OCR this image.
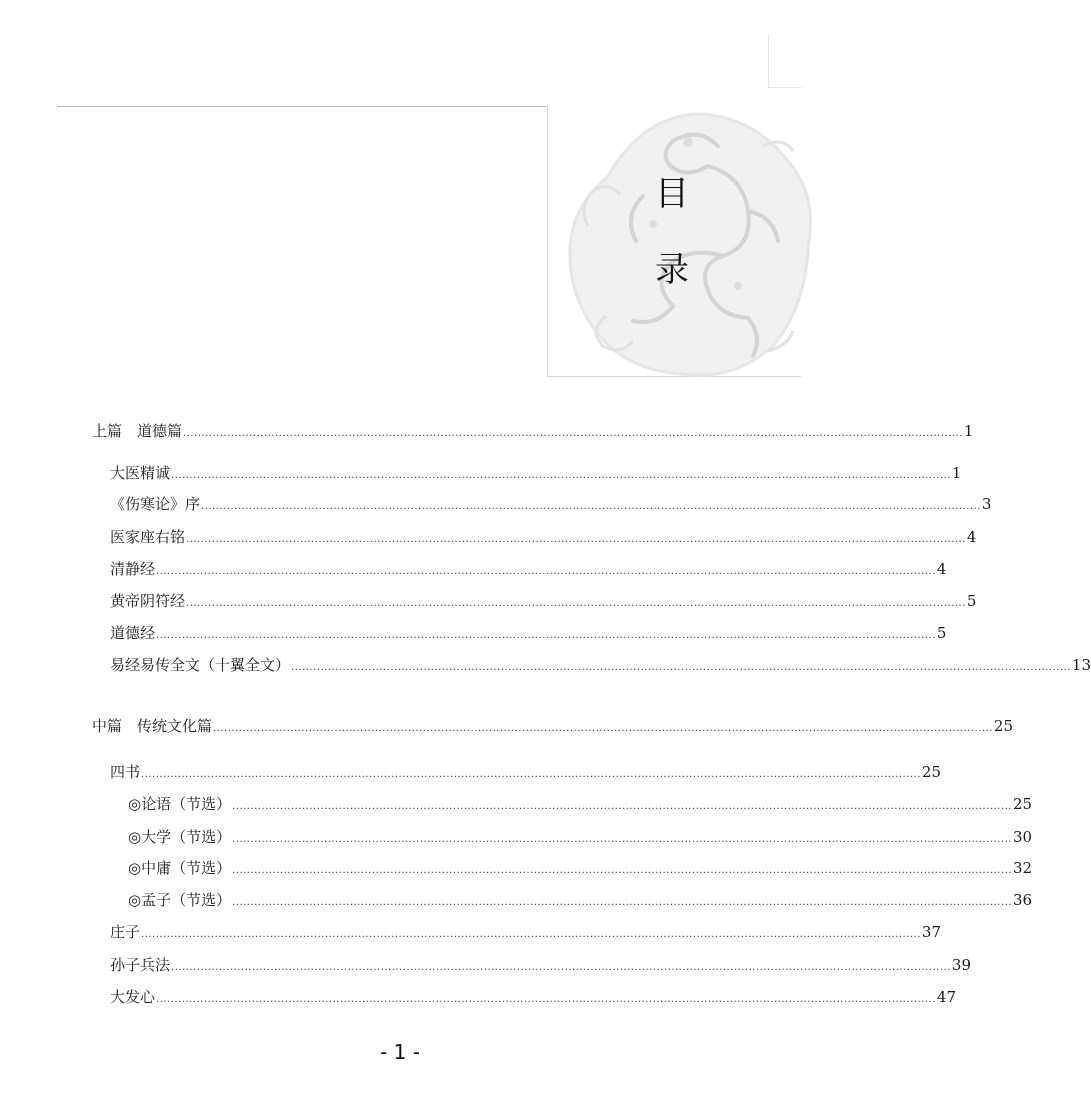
目
录
上篇　道德篇 .................................................................................................................................................................................................................... 1
大医精诚 .................................................................................................................................................................................................................... 1
《伤寒论》序 .................................................................................................................................................................................................................... 3
医家座右铭 .................................................................................................................................................................................................................... 4
清静经 .................................................................................................................................................................................................................... 4
黄帝阴符经 .................................................................................................................................................................................................................... 5
道德经 .................................................................................................................................................................................................................... 5
易经易传全文（十翼全文） .................................................................................................................................................................................................................... 13
中篇　传统文化篇 .................................................................................................................................................................................................................... 25
四书 .................................................................................................................................................................................................................... 25
◎论语（节选） .................................................................................................................................................................................................................... 25
◎大学（节选） .................................................................................................................................................................................................................... 30
◎中庸（节选） .................................................................................................................................................................................................................... 32
◎孟子（节选） .................................................................................................................................................................................................................... 36
庄子 .................................................................................................................................................................................................................... 37
孙子兵法 .................................................................................................................................................................................................................... 39
大发心 .................................................................................................................................................................................................................... 47
- 1 -
